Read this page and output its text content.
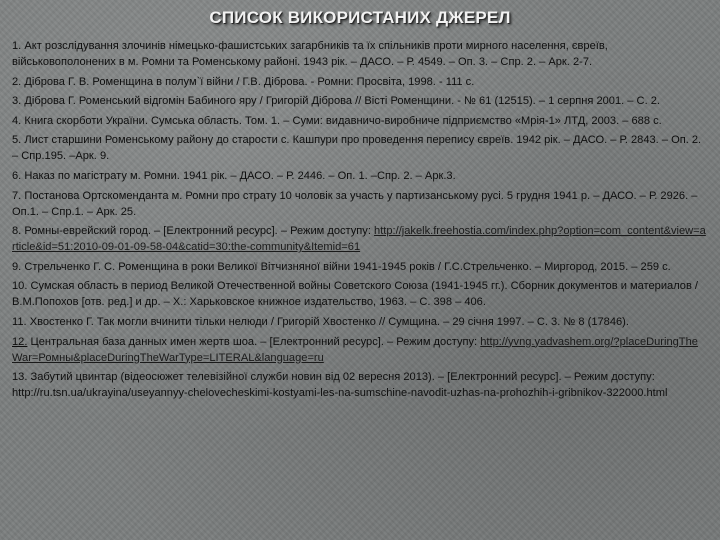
СПИСОК ВИКОРИСТАНИХ ДЖЕРЕЛ
1. Акт розслідування злочинів німецько-фашистських загарбників та їх спільників проти мирного населення, євреїв, військовополонених в м. Ромни та Роменському районі. 1943 рік. – ДАСО. – Р. 4549. – Оп. 3. – Спр. 2. – Арк. 2-7.
2. Діброва Г. В. Роменщина в полум`ї війни / Г.В. Діброва. - Ромни: Просвіта, 1998. - 111 с.
3. Діброва Г. Роменський відгомін Бабиного яру / Григорій Діброва // Вісті Роменщини. - № 61 (12515). – 1 серпня 2001. – С. 2.
4. Книга скорботи України. Сумська область. Том. 1. – Суми: видавничо-виробниче підприємство «Мрія-1» ЛТД, 2003. – 688 с.
5. Лист старшини Роменському району до старости с. Кашпури про проведення перепису євреїв. 1942 рік. – ДАСО. – Р. 2843. – Оп. 2. – Спр.195. –Арк. 9.
6. Наказ по магістрату м. Ромни. 1941 рік. – ДАСО. – Р. 2446. – Оп. 1. –Спр. 2. – Арк.3.
7. Постанова Ортскоменданта м. Ромни про страту 10 чоловік за участь у партизанському русі. 5 грудня 1941 р. – ДАСО. – Р. 2926. – Оп.1. – Спр.1. – Арк. 25.
8. Ромны-еврейский город. – [Електронний ресурс]. – Режим доступу: http://jakelk.freehostia.com/index.php?option=com_content&view=article&id=51:2010-09-01-09-58-04&catid=30:the-community&Itemid=61
9. Стрельченко Г. С. Роменщина в роки Великої Вітчизняної війни 1941-1945 років / Г.С.Стрельченко. – Миргород, 2015. – 259 с.
10. Сумская область в период Великой Отечественной войны Советского Союза (1941-1945 гг.). Сборник документов и материалов / В.М.Попохов [отв. ред.] и др. – Х.: Харьковское книжное издательство, 1963. – С. 398 – 406.
11. Хвостенко Г. Так могли вчинити тільки нелюди / Григорій Хвостенко // Сумщина. – 29 січня 1997. – С. 3. № 8 (17846).
12. Центральная база данных имен жертв шоа. – [Електронний ресурс]. – Режим доступу: http://yvng.yadvashem.org/?placeDuringTheWar=Ромны&placeDuringTheWarType=LITERAL&language=ru
13. Забутий цвинтар (відеосюжет телевізійної служби новин від 02 вересня 2013). – [Електронний ресурс]. – Режим доступу: http://ru.tsn.ua/ukrayina/useyannyy-chelovecheskimi-kostyami-les-na-sumschine-navodit-uzhas-na-prohozhih-i-gribnikov-322000.html
